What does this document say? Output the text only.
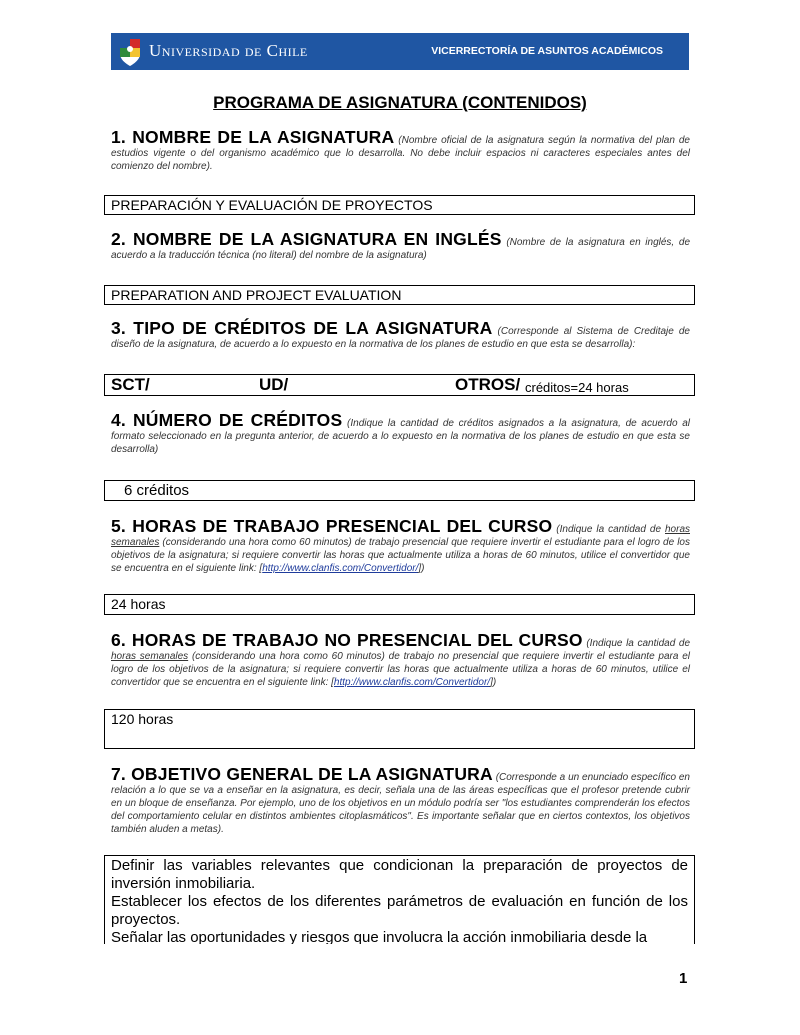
Universidad de Chile	VICERRECTORÍA DE ASUNTOS ACADÉMICOS
PROGRAMA DE ASIGNATURA (CONTENIDOS)
1. NOMBRE DE LA ASIGNATURA (Nombre oficial de la asignatura según la normativa del plan de estudios vigente o del organismo académico que lo desarrolla. No debe incluir espacios ni caracteres especiales antes del comienzo del nombre).
PREPARACIÓN Y EVALUACIÓN DE PROYECTOS
2. NOMBRE DE LA ASIGNATURA EN INGLÉS (Nombre de la asignatura en inglés, de acuerdo a la traducción técnica (no literal) del nombre de la asignatura)
PREPARATION AND PROJECT EVALUATION
3. TIPO DE CRÉDITOS DE LA ASIGNATURA (Corresponde al Sistema de Creditaje de diseño de la asignatura, de acuerdo a lo expuesto en la normativa de los planes de estudio en que esta se desarrolla):
SCT/	UD/	OTROS/ créditos=24 horas
4. NÚMERO DE CRÉDITOS (Indique la cantidad de créditos asignados a la asignatura, de acuerdo al formato seleccionado en la pregunta anterior, de acuerdo a lo expuesto en la normativa de los planes de estudio en que esta se desarrolla)
6 créditos
5. HORAS DE TRABAJO PRESENCIAL DEL CURSO (Indique la cantidad de horas semanales (considerando una hora como 60 minutos) de trabajo presencial que requiere invertir el estudiante para el logro de los objetivos de la asignatura; si requiere convertir las horas que actualmente utiliza a horas de 60 minutos, utilice el convertidor que se encuentra en el siguiente link: [http://www.clanfis.com/Convertidor/])
24 horas
6. HORAS DE TRABAJO NO PRESENCIAL DEL CURSO (Indique la cantidad de horas semanales (considerando una hora como 60 minutos) de trabajo no presencial que requiere invertir el estudiante para el logro de los objetivos de la asignatura; si requiere convertir las horas que actualmente utiliza a horas de 60 minutos, utilice el convertidor que se encuentra en el siguiente link: [http://www.clanfis.com/Convertidor/])
120 horas
7. OBJETIVO GENERAL DE LA ASIGNATURA (Corresponde a un enunciado específico en relación a lo que se va a enseñar en la asignatura, es decir, señala una de las áreas específicas que el profesor pretende cubrir en un bloque de enseñanza. Por ejemplo, uno de los objetivos en un módulo podría ser "los estudiantes comprenderán los efectos del comportamiento celular en distintos ambientes citoplasmáticos". Es importante señalar que en ciertos contextos, los objetivos también aluden a metas).
Definir las variables relevantes que condicionan la preparación de proyectos de inversión inmobiliaria.
Establecer los efectos de los diferentes parámetros de evaluación en función de los proyectos.
Señalar las oportunidades y riesgos que involucra la acción inmobiliaria desde la
1
